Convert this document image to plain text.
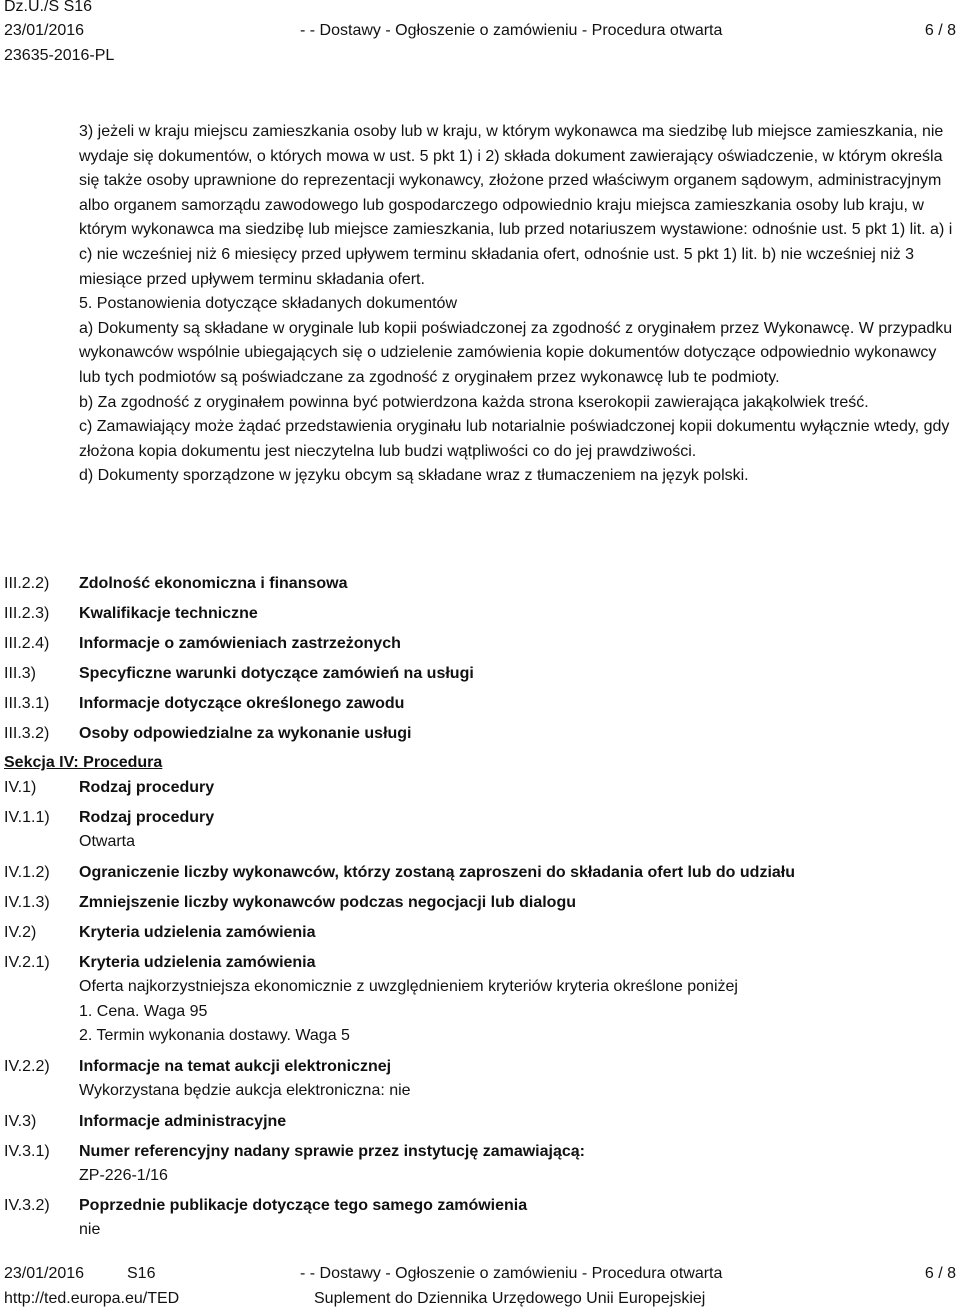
Dz.U./S S16
23/01/2016	- - Dostawy - Ogłoszenie o zamówieniu - Procedura otwarta	6 / 8
23635-2016-PL

3) jeżeli w kraju miejscu zamieszkania osoby lub w kraju, w którym wykonawca ma siedzibę lub miejsce zamieszkania, nie wydaje się dokumentów, o których mowa w ust. 5 pkt 1) i 2) składa dokument zawierający oświadczenie, w którym określa się także osoby uprawnione do reprezentacji wykonawcy, złożone przed właściwym organem sądowym, administracyjnym albo organem samorządu zawodowego lub gospodarczego odpowiednio kraju miejsca zamieszkania osoby lub kraju, w którym wykonawca ma siedzibę lub miejsce zamieszkania, lub przed notariuszem wystawione: odnośnie ust. 5 pkt 1) lit. a) i c) nie wcześniej niż 6 miesięcy przed upływem terminu składania ofert, odnośnie ust. 5 pkt 1) lit. b) nie wcześniej niż 3 miesiące przed upływem terminu składania ofert.

5. Postanowienia dotyczące składanych dokumentów

a) Dokumenty są składane w oryginale lub kopii poświadczonej za zgodność z oryginałem przez Wykonawcę. W przypadku wykonawców wspólnie ubiegających się o udzielenie zamówienia kopie dokumentów dotyczące odpowiednio wykonawcy lub tych podmiotów są poświadczane za zgodność z oryginałem przez wykonawcę lub te podmioty.

b) Za zgodność z oryginałem powinna być potwierdzona każda strona kserokopii zawierająca jakąkolwiek treść.

c) Zamawiający może żądać przedstawienia oryginału lub notarialnie poświadczonej kopii dokumentu wyłącznie wtedy, gdy złożona kopia dokumentu jest nieczytelna lub budzi wątpliwości co do jej prawdziwości.

d) Dokumenty sporządzone w języku obcym są składane wraz z tłumaczeniem na język polski.

III.2.2) Zdolność ekonomiczna i finansowa
III.2.3) Kwalifikacje techniczne
III.2.4) Informacje o zamówieniach zastrzeżonych
III.3)	Specyficzne warunki dotyczące zamówień na usługi
III.3.1) Informacje dotyczące określonego zawodu
III.3.2) Osoby odpowiedzialne za wykonanie usługi
Sekcja IV: Procedura
IV.1)	Rodzaj procedury
IV.1.1) Rodzaj procedury
Otwarta
IV.1.2) Ograniczenie liczby wykonawców, którzy zostaną zaproszeni do składania ofert lub do udziału
IV.1.3) Zmniejszenie liczby wykonawców podczas negocjacji lub dialogu
IV.2)	Kryteria udzielenia zamówienia
IV.2.1) Kryteria udzielenia zamówienia
Oferta najkorzystniejsza ekonomicznie z uwzględnieniem kryteriów kryteria określone poniżej
1. Cena. Waga 95
2. Termin wykonania dostawy. Waga 5
IV.2.2) Informacje na temat aukcji elektronicznej
Wykorzystana będzie aukcja elektroniczna: nie
IV.3)	Informacje administracyjne
IV.3.1) Numer referencyjny nadany sprawie przez instytucję zamawiającą:
ZP-226-1/16
IV.3.2) Poprzednie publikacje dotyczące tego samego zamówienia
nie
23/01/2016	S16	- - Dostawy - Ogłoszenie o zamówieniu - Procedura otwarta	6 / 8
http://ted.europa.eu/TED	Suplement do Dziennika Urzędowego Unii Europejskiej
